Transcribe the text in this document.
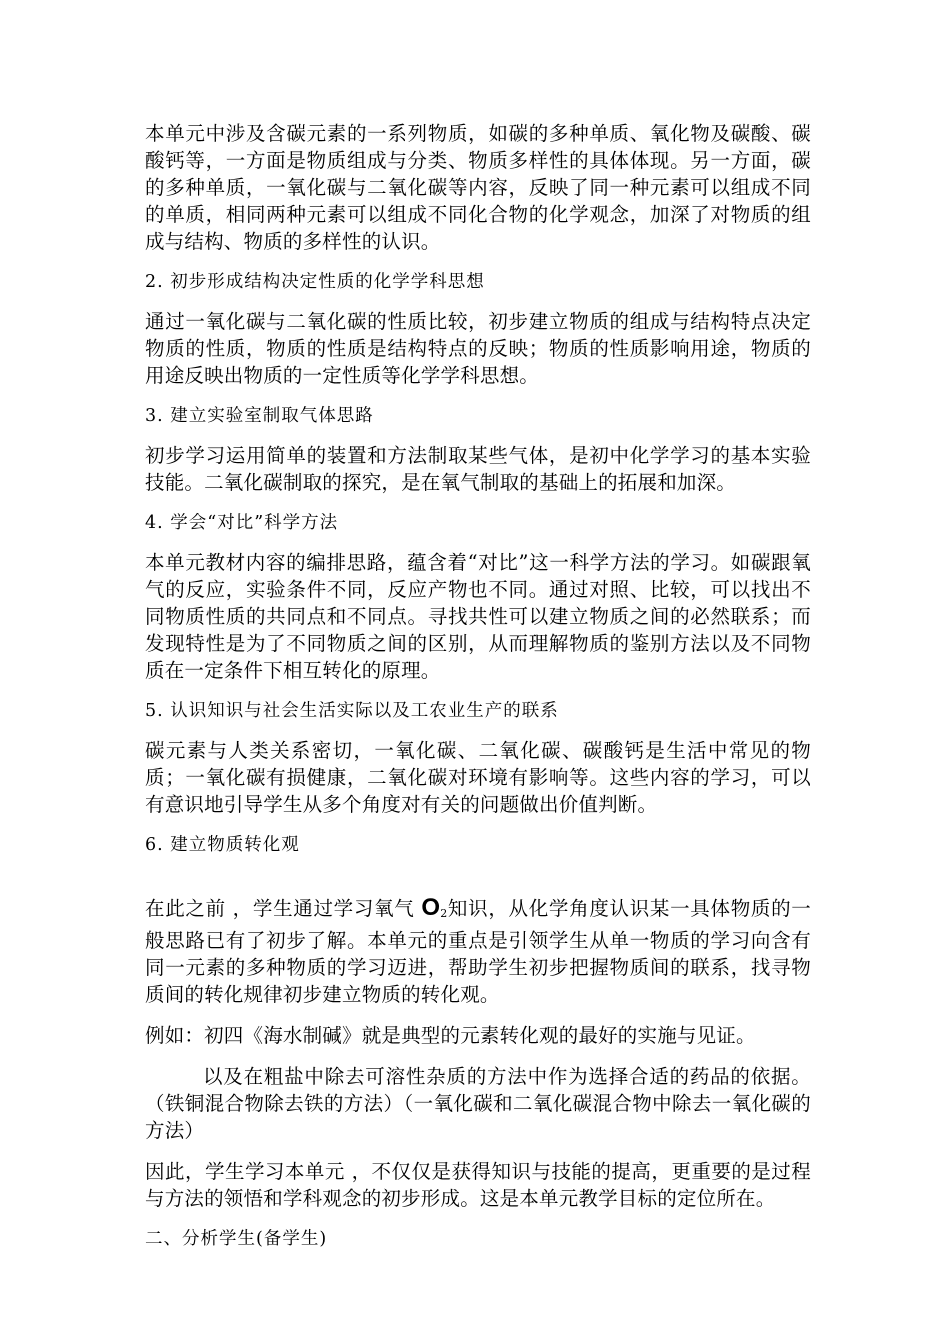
本单元中涉及含碳元素的一系列物质，如碳的多种单质、氧化物及碳酸、碳酸钙等，一方面是物质组成与分类、物质多样性的具体体现。另一方面，碳的多种单质，一氧化碳与二氧化碳等内容，反映了同一种元素可以组成不同的单质，相同两种元素可以组成不同化合物的化学观念，加深了对物质的组成与结构、物质的多样性的认识。

2. 初步形成结构决定性质的化学学科思想

通过一氧化碳与二氧化碳的性质比较，初步建立物质的组成与结构特点决定物质的性质，物质的性质是结构特点的反映；物质的性质影响用途，物质的用途反映出物质的一定性质等化学学科思想。

3. 建立实验室制取气体思路

初步学习运用简单的装置和方法制取某些气体，是初中化学学习的基本实验技能。二氧化碳制取的探究，是在氧气制取的基础上的拓展和加深。

4. 学会“对比”科学方法

本单元教材内容的编排思路，蕴含着“对比”这一科学方法的学习。如碳跟氧气的反应，实验条件不同，反应产物也不同。通过对照、比较，可以找出不同物质性质的共同点和不同点。寻找共性可以建立物质之间的必然联系；而发现特性是为了不同物质之间的区别，从而理解物质的鉴别方法以及不同物质在一定条件下相互转化的原理。

5. 认识知识与社会生活实际以及工农业生产的联系

碳元素与人类关系密切，一氧化碳、二氧化碳、碳酸钙是生活中常见的物质；一氧化碳有损健康，二氧化碳对环境有影响等。这些内容的学习，可以有意识地引导学生从多个角度对有关的问题做出价值判断。

6. 建立物质转化观

在此之前 ，学生通过学习氧气 O2知识，从化学角度认识某一具体物质的一般思路已有了初步了解。本单元的重点是引领学生从单一物质的学习向含有同一元素的多种物质的学习迈进，帮助学生初步把握物质间的联系，找寻物质间的转化规律初步建立物质的转化观。

例如：初四《海水制碱》就是典型的元素转化观的最好的实施与见证。

以及在粗盐中除去可溶性杂质的方法中作为选择合适的药品的依据。（铁铜混合物除去铁的方法）（一氧化碳和二氧化碳混合物中除去一氧化碳的方法）

因此，学生学习本单元 ，不仅仅是获得知识与技能的提高，更重要的是过程与方法的领悟和学科观念的初步形成。这是本单元教学目标的定位所在。

二、分析学生(备学生)
